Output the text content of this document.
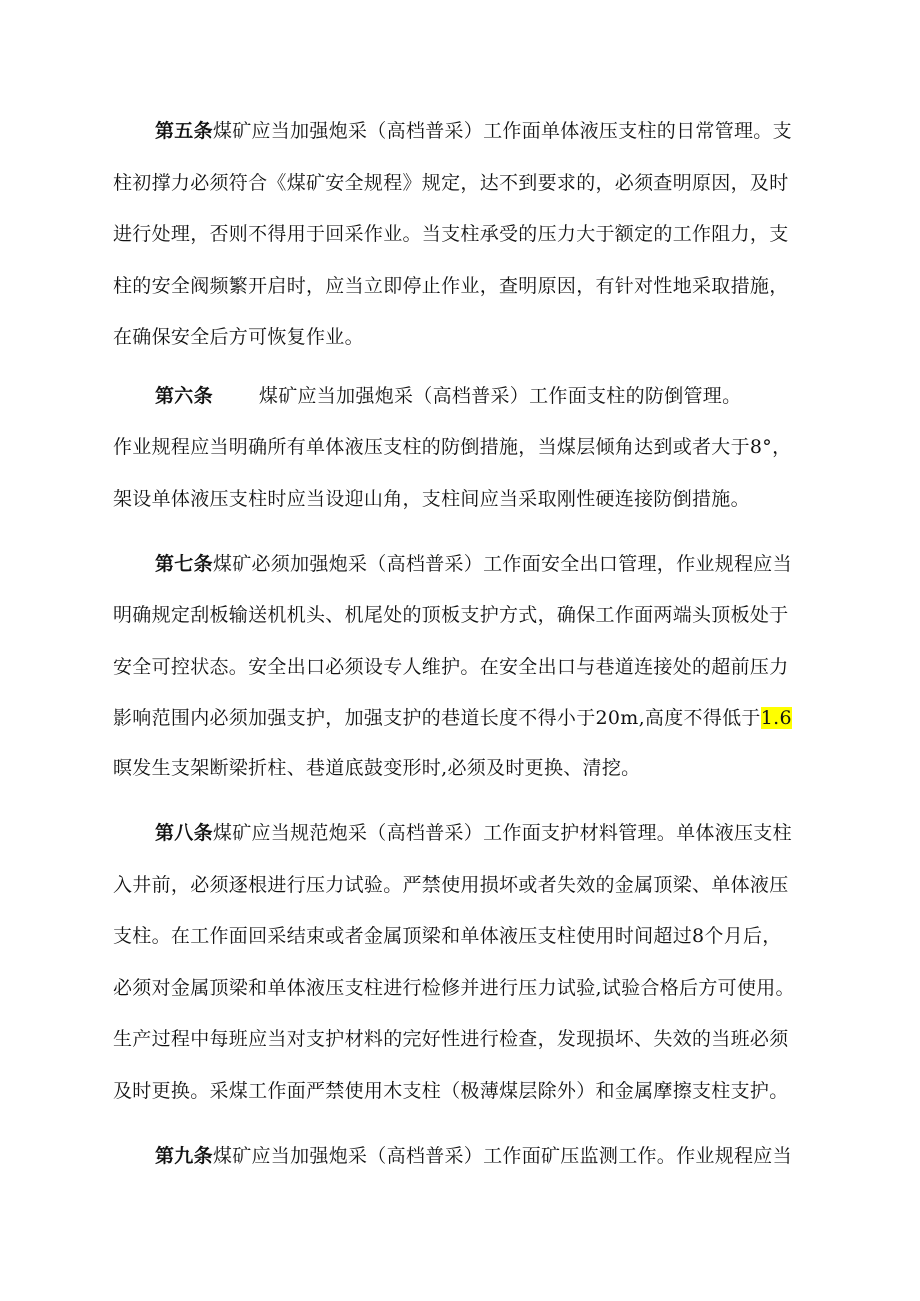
第五条煤矿应当加强炮采（高档普采）工作面单体液压支柱的日常管理。支
柱初撑力必须符合《煤矿安全规程》规定，达不到要求的，必须查明原因，及时
进行处理，否则不得用于回采作业。当支柱承受的压力大于额定的工作阻力，支
柱的安全阀频繁开启时，应当立即停止作业，查明原因，有针对性地采取措施，
在确保安全后方可恢复作业。
第六条 煤矿应当加强炮采（高档普采）工作面支柱的防倒管理。
作业规程应当明确所有单体液压支柱的防倒措施，当煤层倾角达到或者大于8°，
架设单体液压支柱时应当设迎山角，支柱间应当采取刚性硬连接防倒措施。
第七条煤矿必须加强炮采（高档普采）工作面安全出口管理，作业规程应当
明确规定刮板输送机机头、机尾处的顶板支护方式，确保工作面两端头顶板处于
安全可控状态。安全出口必须设专人维护。在安全出口与巷道连接处的超前压力
影响范围内必须加强支护，加强支护的巷道长度不得小于20m,高度不得低于1.6
暝发生支架断梁折柱、巷道底鼓变形时,必须及时更换、清挖。
第八条煤矿应当规范炮采（高档普采）工作面支护材料管理。单体液压支柱
入井前，必须逐根进行压力试验。严禁使用损坏或者失效的金属顶梁、单体液压
支柱。在工作面回采结束或者金属顶梁和单体液压支柱使用时间超过8个月后，
必须对金属顶梁和单体液压支柱进行检修并进行压力试验,试验合格后方可使用。
生产过程中每班应当对支护材料的完好性进行检查，发现损坏、失效的当班必须
及时更换。采煤工作面严禁使用木支柱（极薄煤层除外）和金属摩擦支柱支护。
第九条煤矿应当加强炮采（高档普采）工作面矿压监测工作。作业规程应当
